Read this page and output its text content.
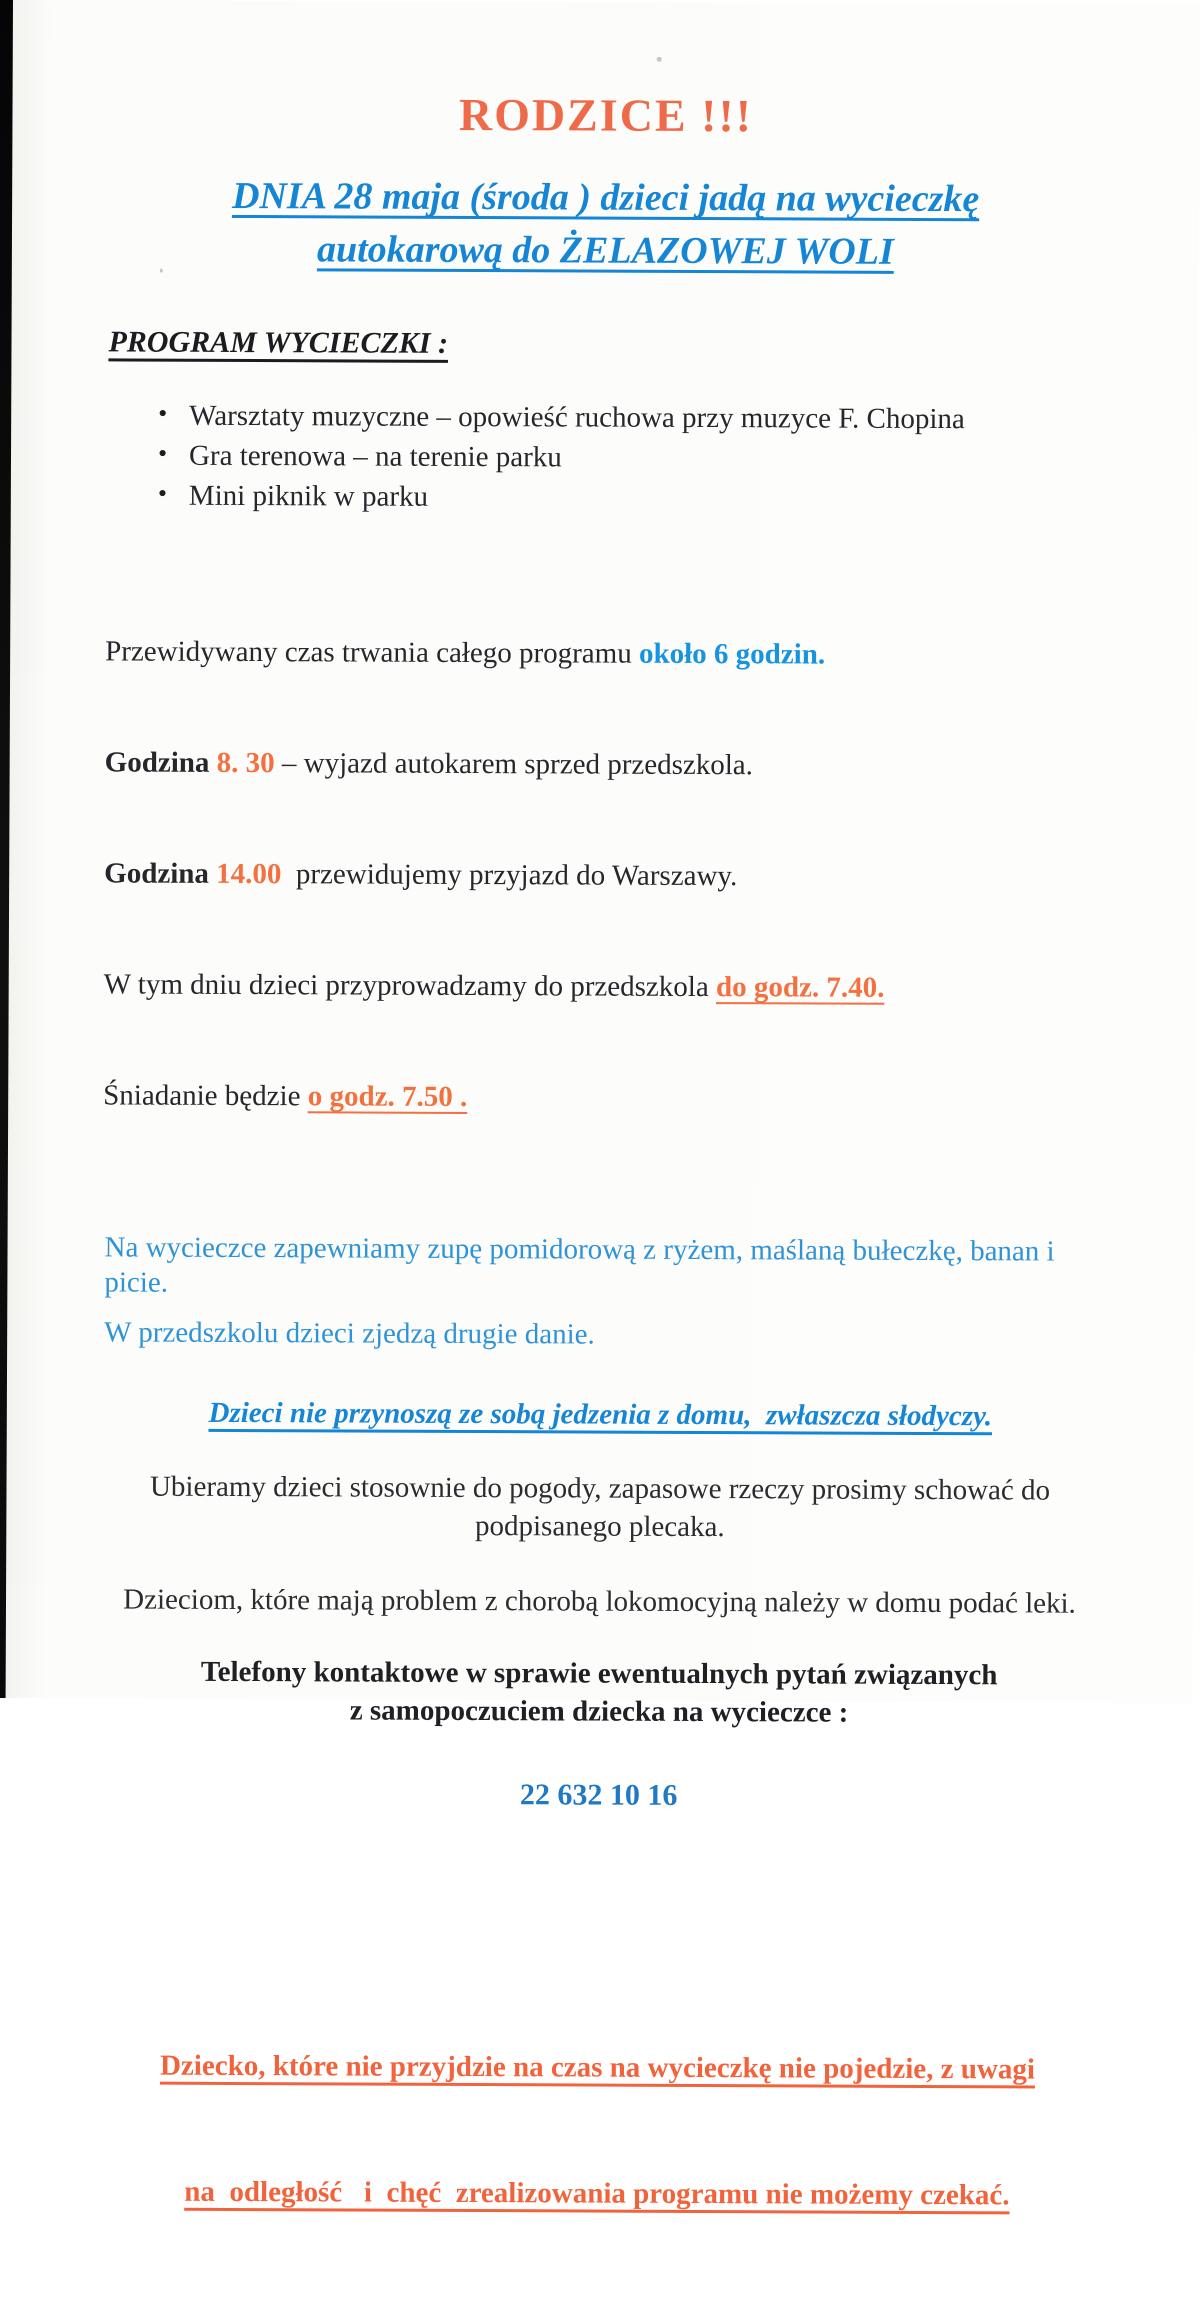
RODZICE !!!
DNIA 28 maja (środa ) dzieci jadą na wycieczkę
autokarową do ŻELAZOWEJ WOLI
PROGRAM WYCIECZKI :
• Warsztaty muzyczne – opowieść ruchowa przy muzyce F. Chopina
• Gra terenowa – na terenie parku
• Mini piknik w parku

Przewidywany czas trwania całego programu około 6 godzin.

Godzina 8. 30 – wyjazd autokarem sprzed przedszkola.

Godzina 14.00  przewidujemy przyjazd do Warszawy.

W tym dniu dzieci przyprowadzamy do przedszkola do godz. 7.40.

Śniadanie będzie o godz. 7.50 .

Na wycieczce zapewniamy zupę pomidorową z ryżem, maślaną bułeczkę, banan i

picie.

W przedszkolu dzieci zjedzą drugie danie.

Dzieci nie przynoszą ze sobą jedzenia z domu,  zwłaszcza słodyczy.
Ubieramy dzieci stosownie do pogody, zapasowe rzeczy prosimy schować do
podpisanego plecaka.

Dzieciom, które mają problem z chorobą lokomocyjną należy w domu podać leki.

Telefony kontaktowe w sprawie ewentualnych pytań związanych
z samopoczuciem dziecka na wycieczce :

22 632 10 16

Dziecko, które nie przyjdzie na czas na wycieczkę nie pojedzie, z uwagi

na  odległość   i  chęć  zrealizowania programu nie możemy czekać.
